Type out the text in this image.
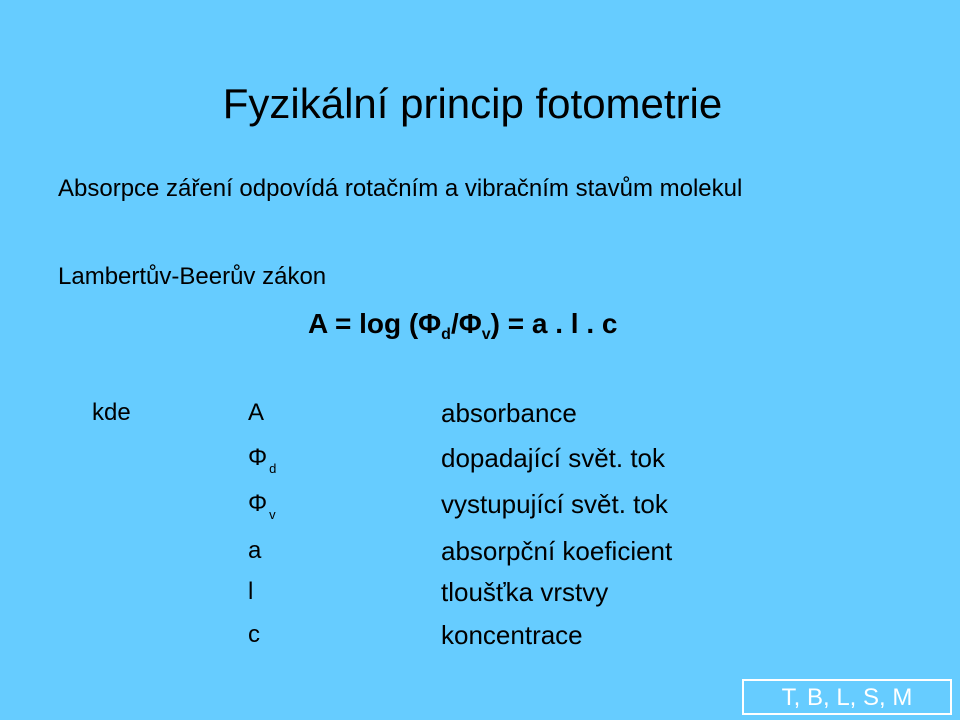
Fyzikální princip fotometrie
Absorpce záření odpovídá rotačním a vibračním stavům molekul
Lambertův-Beerův zákon
$A = \log (\Phi_d/\Phi_v) = a$ . l . c
kde	A	absorbance
Φ $_d$	dopadající svět. tok
Φ $_v$	vystupující svět. tok
a	absorpční koeficient
l	tloušťka vrstvy
c	koncentrace
T, B, L, S, M
